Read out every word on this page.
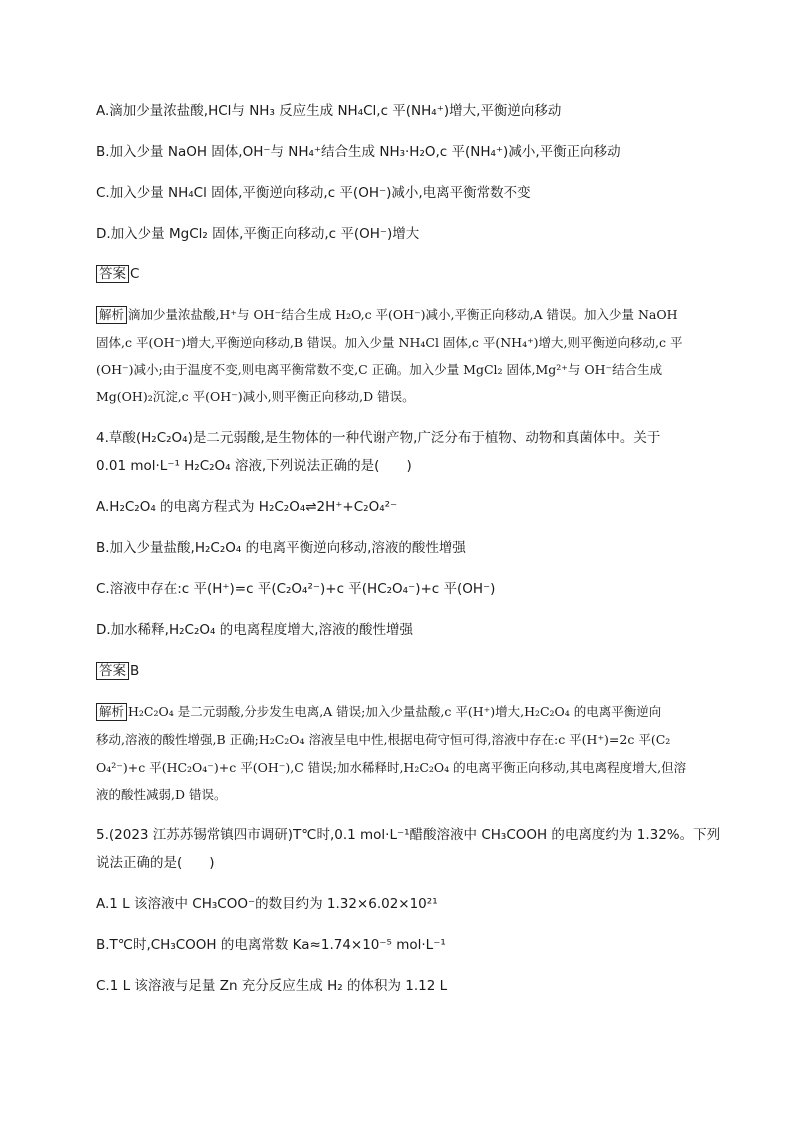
A.滴加少量浓盐酸,HCl与 NH₃ 反应生成 NH₄Cl,c 平(NH₄⁺)增大,平衡逆向移动
B.加入少量 NaOH 固体,OH⁻与 NH₄⁺结合生成 NH₃·H₂O,c 平(NH₄⁺)减小,平衡正向移动
C.加入少量 NH₄Cl 固体,平衡逆向移动,c 平(OH⁻)减小,电离平衡常数不变
D.加入少量 MgCl₂ 固体,平衡正向移动,c 平(OH⁻)增大
答案 C
解析 滴加少量浓盐酸,H⁺与 OH⁻结合生成 H₂O,c 平(OH⁻)减小,平衡正向移动,A 错误。加入少量 NaOH
固体,c 平(OH⁻)增大,平衡逆向移动,B 错误。加入少量 NH₄Cl 固体,c 平(NH₄⁺)增大,则平衡逆向移动,c 平
(OH⁻)减小;由于温度不变,则电离平衡常数不变,C 正确。加入少量 MgCl₂ 固体,Mg²⁺与 OH⁻结合生成
Mg(OH)₂沉淀,c 平(OH⁻)减小,则平衡正向移动,D 错误。
4.草酸(H₂C₂O₄)是二元弱酸,是生物体的一种代谢产物,广泛分布于植物、动物和真菌体中。关于
0.01 mol·L⁻¹ H₂C₂O₄ 溶液,下列说法正确的是(　　)
A.H₂C₂O₄ 的电离方程式为 H₂C₂O₄⇌2H⁺+C₂O₄²⁻
B.加入少量盐酸,H₂C₂O₄ 的电离平衡逆向移动,溶液的酸性增强
C.溶液中存在:c 平(H⁺)=c 平(C₂O₄²⁻)+c 平(HC₂O₄⁻)+c 平(OH⁻)
D.加水稀释,H₂C₂O₄ 的电离程度增大,溶液的酸性增强
答案 B
解析 H₂C₂O₄ 是二元弱酸,分步发生电离,A 错误;加入少量盐酸,c 平(H⁺)增大,H₂C₂O₄ 的电离平衡逆向
移动,溶液的酸性增强,B 正确;H₂C₂O₄ 溶液呈电中性,根据电荷守恒可得,溶液中存在:c 平(H⁺)=2c 平(C₂
O₄²⁻)+c 平(HC₂O₄⁻)+c 平(OH⁻),C 错误;加水稀释时,H₂C₂O₄ 的电离平衡正向移动,其电离程度增大,但溶
液的酸性减弱,D 错误。
5.(2023 江苏苏锡常镇四市调研)T℃时,0.1 mol·L⁻¹醋酸溶液中 CH₃COOH 的电离度约为 1.32%。下列
说法正确的是(　　)
A.1 L 该溶液中 CH₃COO⁻的数目约为 1.32×6.02×10²¹
B.T℃时,CH₃COOH 的电离常数 Ka≈1.74×10⁻⁵ mol·L⁻¹
C.1 L 该溶液与足量 Zn 充分反应生成 H₂ 的体积为 1.12 L
